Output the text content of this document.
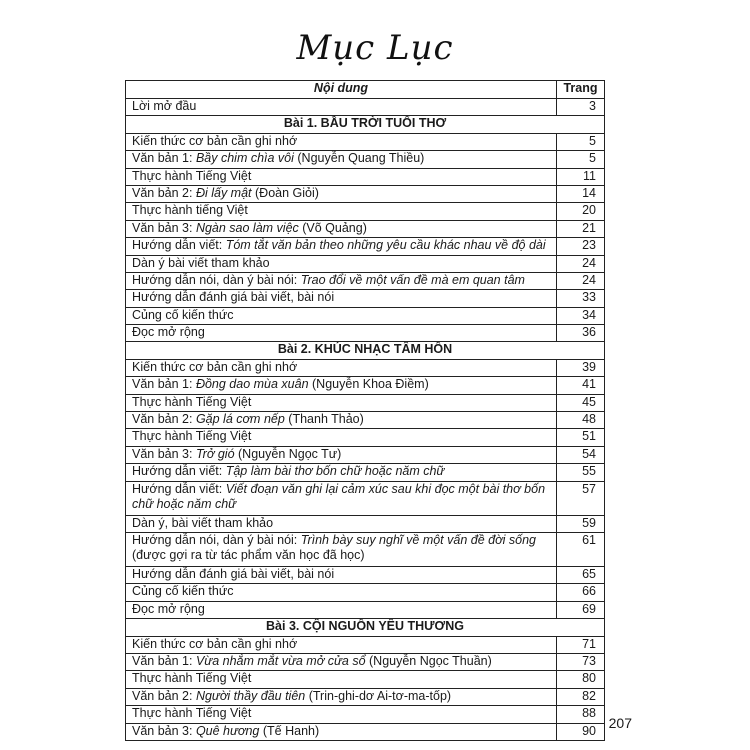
Mục Lục
Nội dung	Trang
Lời mở đầu	3
Bài 1. BẦU TRỜI TUỔI THƠ	
Kiến thức cơ bản cần ghi nhớ	5
Văn bản 1: Bầy chim chìa vôi (Nguyễn Quang Thiều)	5
Thực hành Tiếng Việt	11
Văn bản 2: Đi lấy mật (Đoàn Giỏi)	14
Thực hành tiếng Việt	20
Văn bản 3: Ngàn sao làm việc (Võ Quảng)	21
Hướng dẫn viết: Tóm tắt văn bản theo những yêu cầu khác nhau về độ dài	23
Dàn ý bài viết tham khảo	24
Hướng dẫn nói, dàn ý bài nói: Trao đổi về một vấn đề mà em quan tâm	24
Hướng dẫn đánh giá bài viết, bài nói	33
Củng cố kiến thức	34
Đọc mở rộng	36
Bài 2. KHÚC NHẠC TÂM HỒN	
Kiến thức cơ bản cần ghi nhớ	39
Văn bản 1: Đồng dao mùa xuân (Nguyễn Khoa Điềm)	41
Thực hành Tiếng Việt	45
Văn bản 2: Gặp lá cơm nếp (Thanh Thảo)	48
Thực hành Tiếng Việt	51
Văn bản 3: Trở gió (Nguyễn Ngọc Tư)	54
Hướng dẫn viết: Tập làm bài thơ bốn chữ hoặc năm chữ	55
Hướng dẫn viết: Viết đoạn văn ghi lại cảm xúc sau khi đọc một bài thơ bốn chữ hoặc năm chữ	57
Dàn ý, bài viết tham khảo	59
Hướng dẫn nói, dàn ý bài nói: Trình bày suy nghĩ về một vấn đề đời sống (được gợi ra từ tác phẩm văn học đã học)	61
Hướng dẫn đánh giá bài viết, bài nói	65
Củng cố kiến thức	66
Đọc mở rộng	69
Bài 3. CỘI NGUỒN YÊU THƯƠNG	
Kiến thức cơ bản cần ghi nhớ	71
Văn bản 1: Vừa nhắm mắt vừa mở cửa sổ (Nguyễn Ngọc Thuần)	73
Thực hành Tiếng Việt	80
Văn bản 2: Người thầy đầu tiên (Trin-ghi-dơ Ai-tơ-ma-tốp)	82
Thực hành Tiếng Việt	88
Văn bản 3: Quê hương (Tế Hanh)	90 207
